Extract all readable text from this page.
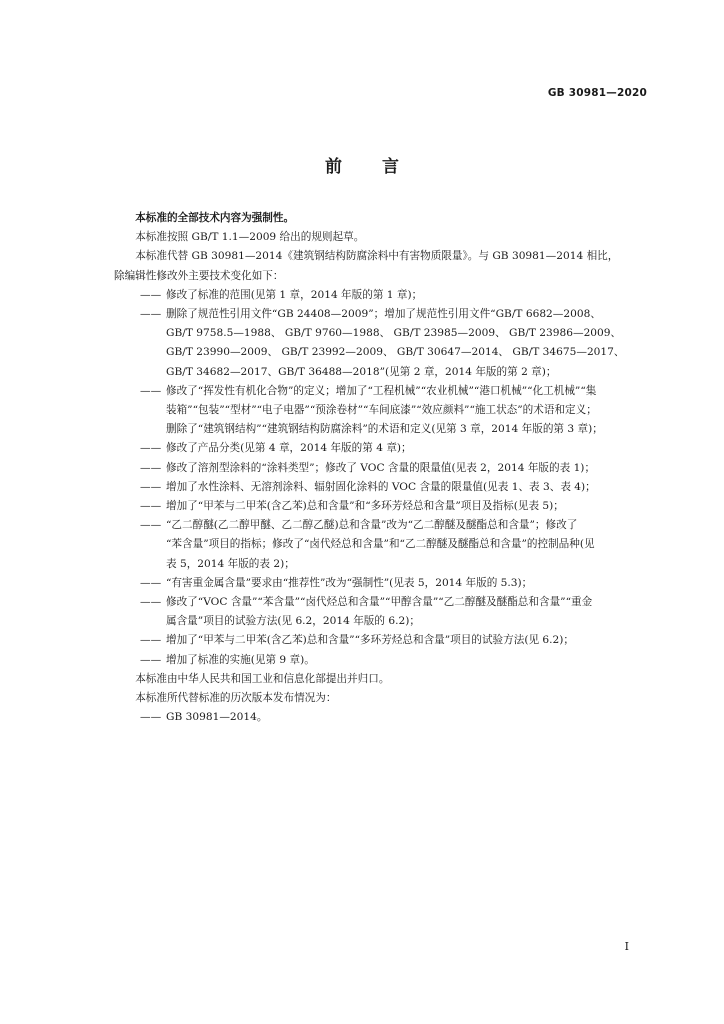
GB 30981—2020
前 言
本标准的全部技术内容为强制性。
本标准按照 GB/T 1.1—2009 给出的规则起草。
本标准代替 GB 30981—2014《建筑钢结构防腐涂料中有害物质限量》。与 GB 30981—2014 相比，
除编辑性修改外主要技术变化如下：
—— 修改了标准的范围(见第 1 章，2014 年版的第 1 章)；
—— 删除了规范性引用文件“GB 24408—2009”；增加了规范性引用文件“GB/T 6682—2008、
GB/T 9758.5—1988、 GB/T 9760—1988、 GB/T 23985—2009、 GB/T 23986—2009、
GB/T 23990—2009、 GB/T 23992—2009、 GB/T 30647—2014、 GB/T 34675—2017、
GB/T 34682—2017、GB/T 36488—2018”(见第 2 章，2014 年版的第 2 章)；
—— 修改了“挥发性有机化合物”的定义；增加了“工程机械”“农业机械”“港口机械”“化工机械”“集
装箱”“包装”“型材”“电子电器”“预涂卷材”“车间底漆”“效应颜料”“施工状态”的术语和定义；
删除了“建筑钢结构”“建筑钢结构防腐涂料”的术语和定义(见第 3 章，2014 年版的第 3 章)；
—— 修改了产品分类(见第 4 章，2014 年版的第 4 章)；
—— 修改了溶剂型涂料的“涂料类型”；修改了 VOC 含量的限量值(见表 2，2014 年版的表 1)；
—— 增加了水性涂料、无溶剂涂料、辐射固化涂料的 VOC 含量的限量值(见表 1、表 3、表 4)；
—— 增加了“甲苯与二甲苯(含乙苯)总和含量”和“多环芳烃总和含量”项目及指标(见表 5)；
—— “乙二醇醚(乙二醇甲醚、乙二醇乙醚)总和含量”改为“乙二醇醚及醚酯总和含量”；修改了
“苯含量”项目的指标；修改了“卤代烃总和含量”和“乙二醇醚及醚酯总和含量”的控制品种(见
表 5，2014 年版的表 2)；
—— “有害重金属含量”要求由“推荐性”改为“强制性”(见表 5，2014 年版的 5.3)；
—— 修改了“VOC 含量”“苯含量”“卤代烃总和含量”“甲醇含量”“乙二醇醚及醚酯总和含量”“重金
属含量”项目的试验方法(见 6.2，2014 年版的 6.2)；
—— 增加了“甲苯与二甲苯(含乙苯)总和含量”“多环芳烃总和含量”项目的试验方法(见 6.2)；
—— 增加了标准的实施(见第 9 章)。
本标准由中华人民共和国工业和信息化部提出并归口。
本标准所代替标准的历次版本发布情况为：
—— GB 30981—2014。
I
